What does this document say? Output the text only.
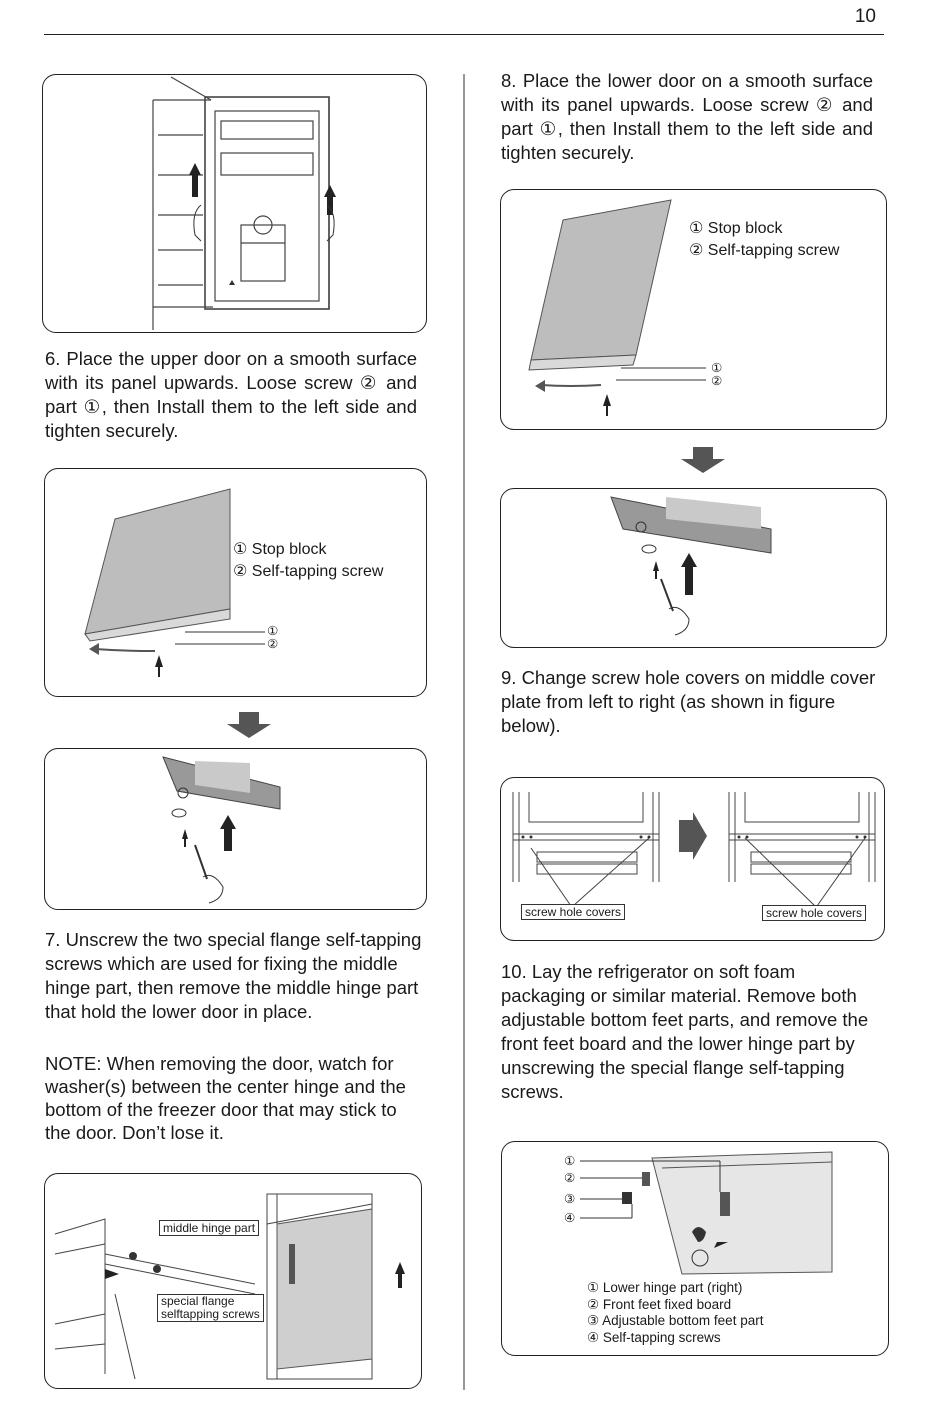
10

6. Place the upper door on a smooth surface with its panel upwards. Loose screw ② and part ①, then Install them to the left side and tighten securely.

① Stop block
② Self-tapping screw
①
②

7. Unscrew the two special flange self-tapping screws which are used for fixing the middle hinge part, then remove the middle hinge part that hold the lower door in place.

NOTE: When removing the door, watch for washer(s) between the center hinge and the bottom of the freezer door that may stick to the door. Don’t lose it.

middle hinge part
special flange
selftapping screws

8. Place the lower door on a smooth surface with its panel upwards. Loose screw ② and part ①, then Install them to the left side and tighten securely.

① Stop block
② Self-tapping screw
①
②

9. Change screw hole covers on middle cover plate from left to right (as shown in figure below).

screw hole covers	screw hole covers

10. Lay the refrigerator on soft foam packaging or similar material. Remove both adjustable bottom feet parts, and remove the front feet board and the lower hinge part by unscrewing the special flange self-tapping screws.

①
②
③
④
① Lower hinge part (right)
② Front feet fixed board
③ Adjustable bottom feet part
④ Self-tapping screws
